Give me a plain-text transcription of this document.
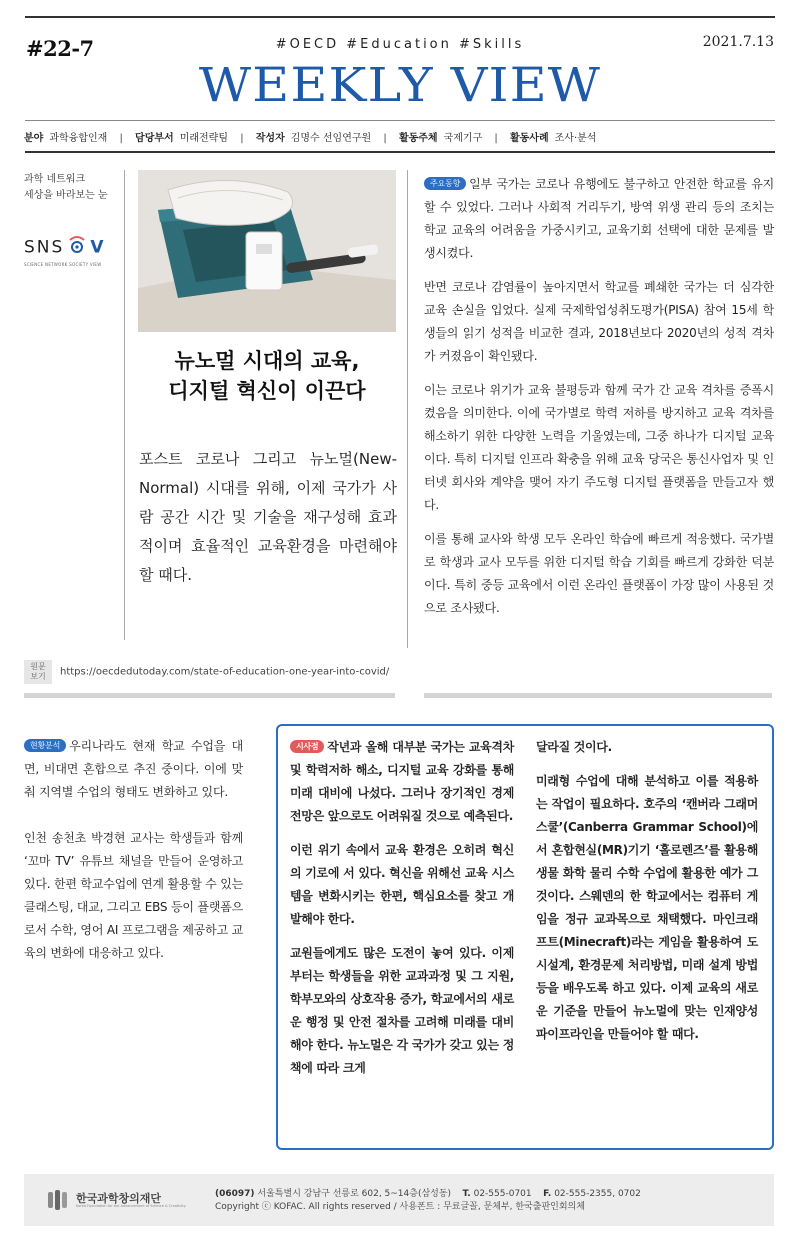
#22-7	#OECD #Education #Skills	2021.7.13
WEEKLY VIEW
분야 과학융합인재 | 담당부서 미래전략팀 | 작성자 김명수 선임연구원 | 활동주체 국제기구 | 활동사례 조사·분석
과학 네트워크
세상을 바라보는 눈
SNS V
SCIENCE NETWORK SOCIETY VIEW
뉴노멀 시대의 교육,
디지털 혁신이 이끈다
포스트 코로나 그리고 뉴노멀(New-Normal) 시대를 위해, 이제 국가가 사람 공간 시간 및 기술을 재구성해 효과적이며 효율적인 교육환경을 마련해야 할 때다.
원문
보기 https://oecdedutoday.com/state-of-education-one-year-into-covid/

주요동향 일부 국가는 코로나 유행에도 불구하고 안전한 학교를 유지할 수 있었다. 그러나 사회적 거리두기, 방역 위생 관리 등의 조치는 학교 교육의 어려움을 가중시키고, 교육기회 선택에 대한 문제를 발생시켰다.

반면 코로나 감염률이 높아지면서 학교를 폐쇄한 국가는 더 심각한 교육 손실을 입었다. 실제 국제학업성취도평가(PISA) 참여 15세 학생들의 읽기 성적을 비교한 결과, 2018년보다 2020년의 성적 격차가 커졌음이 확인됐다.

이는 코로나 위기가 교육 불평등과 함께 국가 간 교육 격차를 증폭시켰음을 의미한다. 이에 국가별로 학력 저하를 방지하고 교육 격차를 해소하기 위한 다양한 노력을 기울였는데, 그중 하나가 디지털 교육이다. 특히 디지털 인프라 확충을 위해 교육 당국은 통신사업자 및 인터넷 회사와 계약을 맺어 자기 주도형 디지털 플랫폼을 만들고자 했다.

이를 통해 교사와 학생 모두 온라인 학습에 빠르게 적응했다. 국가별로 학생과 교사 모두를 위한 디지털 학습 기회를 빠르게 강화한 덕분이다. 특히 중등 교육에서 이런 온라인 플랫폼이 가장 많이 사용된 것으로 조사됐다.

현황분석 우리나라도 현재 학교 수업을 대면, 비대면 혼합으로 추진 중이다. 이에 맞춰 지역별 수업의 형태도 변화하고 있다.

인천 송천초 박경현 교사는 학생들과 함께 ‘꼬마 TV’ 유튜브 채널을 만들어 운영하고 있다. 한편 학교수업에 연계 활용할 수 있는 클래스팅, 대교, 그리고 EBS 등이 플랫폼으로서 수학, 영어 AI 프로그램을 제공하고 교육의 변화에 대응하고 있다.

시사점 작년과 올해 대부분 국가는 교육격차 및 학력저하 해소, 디지털 교육 강화를 통해 미래 대비에 나섰다. 그러나 장기적인 경제 전망은 앞으로도 어려워질 것으로 예측된다.

이런 위기 속에서 교육 환경은 오히려 혁신의 기로에 서 있다. 혁신을 위해선 교육 시스템을 변화시키는 한편, 핵심요소를 찾고 개발해야 한다.

교원들에게도 많은 도전이 놓여 있다. 이제부터는 학생들을 위한 교과과정 및 그 지원, 학부모와의 상호작용 증가, 학교에서의 새로운 행정 및 안전 절차를 고려해 미래를 대비해야 한다. 뉴노멀은 각 국가가 갖고 있는 정책에 따라 크게

달라질 것이다.

미래형 수업에 대해 분석하고 이를 적용하는 작업이 필요하다. 호주의 ‘캔버라 그래머 스쿨’(Canberra Grammar School)에서 혼합현실(MR)기기 ‘홀로렌즈’를 활용해 생물 화학 물리 수학 수업에 활용한 예가 그것이다. 스웨덴의 한 학교에서는 컴퓨터 게임을 정규 교과목으로 채택했다. 마인크래프트(Minecraft)라는 게임을 활용하여 도시설계, 환경문제 처리방법, 미래 설계 방법 등을 배우도록 하고 있다. 이제 교육의 새로운 기준을 만들어 뉴노멀에 맞는 인재양성 파이프라인을 만들어야 할 때다.

한국과학창의재단
Korea Foundation for the Advancement of Science & Creativity
(06097) 서울특별시 강남구 선릉로 602, 5~14층(삼성동) T. 02-555-0701 F. 02-555-2355, 0702
Copyright ⓒ KOFAC. All rights reserved / 사용폰트 : 무료글꼴, 문체부, 한국출판인회의체
